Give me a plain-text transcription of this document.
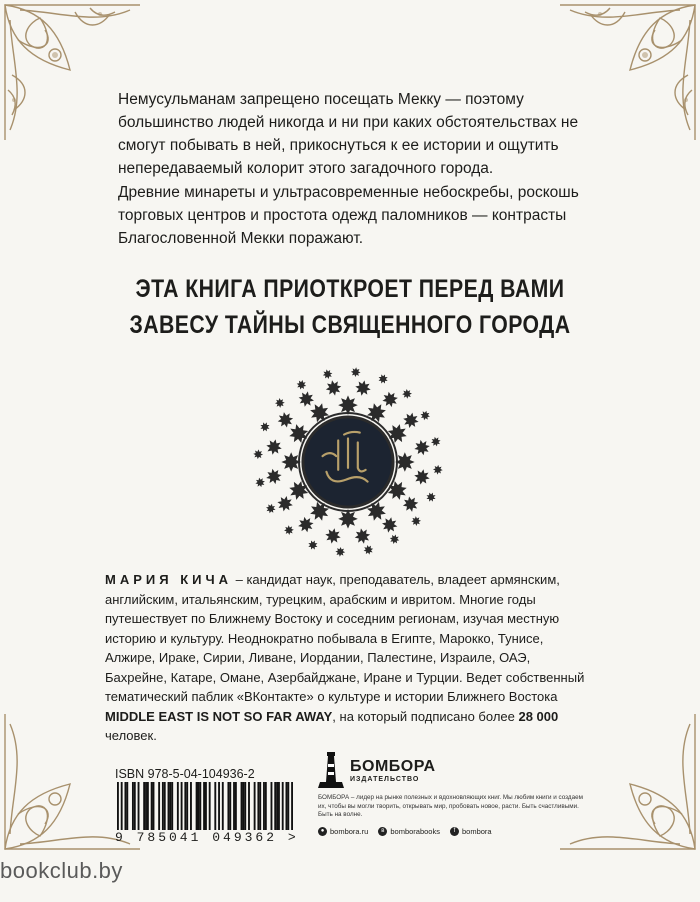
Немусульманам запрещено посещать Мекку — поэтому большинство людей никогда и ни при каких обстоятельствах не смогут побывать в ней, прикоснуться к ее истории и ощутить непередаваемый колорит этого загадочного города.

Древние минареты и ультрасовременные небоскребы, роскошь торговых центров и простота одежд паломников — контрасты Благословенной Мекки поражают.

ЭТА КНИГА ПРИОТКРОЕТ ПЕРЕД ВАМИ
ЗАВЕСУ ТАЙНЫ СВЯЩЕННОГО ГОРОДА
МАРИЯ КИЧА – кандидат наук, преподаватель, владеет армянским, английским, итальянским, турецким, арабским и ивритом. Многие годы путешествует по Ближнему Востоку и соседним регионам, изучая местную историю и культуру. Неоднократно побывала в Египте, Марокко, Тунисе, Алжире, Ираке, Сирии, Ливане, Иордании, Палестине, Израиле, ОАЭ, Бахрейне, Катаре, Омане, Азербайджане, Иране и Турции. Ведет собственный тематический паблик «ВКонтакте» о культуре и истории Ближнего Востока MIDDLE EAST IS NOT SO FAR AWAY, на который подписано более 28 000 человек.
ISBN 978-5-04-104936-2
9 785041 049362 >
БОМБОРА
ИЗДАТЕЛЬСТВО
БОМБОРА – лидер на рынке полезных и вдохновляющих книг. Мы любим книги и создаем их, чтобы вы могли творить, открывать мир, пробовать новое, расти. Быть счастливыми. Быть на волне.
● bombora.ru	в bomborabooks	f bombora
bookclub.by
